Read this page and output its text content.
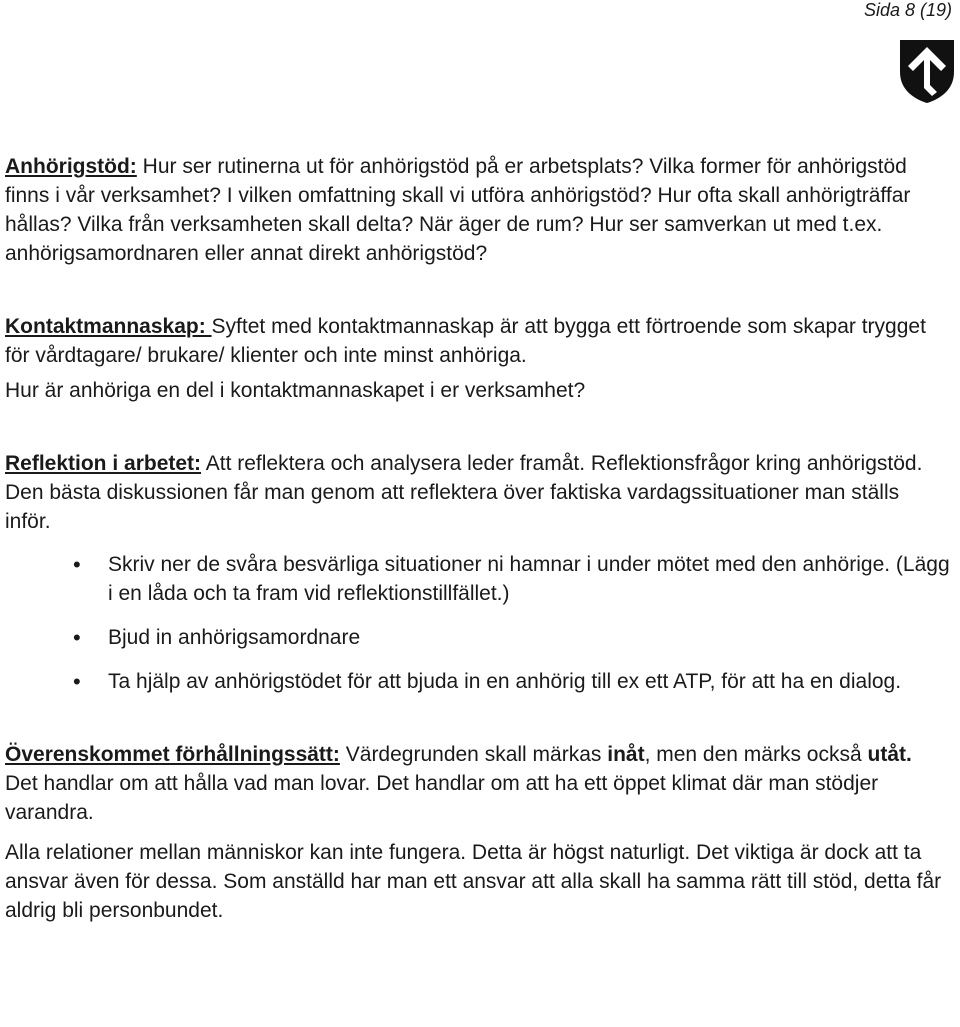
Sida 8 (19)

Anhörigstöd: Hur ser rutinerna ut för anhörigstöd på er arbetsplats? Vilka former för anhörigstöd finns i vår verksamhet? I vilken omfattning skall vi utföra anhörigstöd? Hur ofta skall anhörigträffar hållas? Vilka från verksamheten skall delta? När äger de rum? Hur ser samverkan ut med t.ex. anhörigsamordnaren eller annat direkt anhörigstöd?

Kontaktmannaskap: Syftet med kontaktmannaskap är att bygga ett förtroende som skapar trygget för vårdtagare/ brukare/ klienter och inte minst anhöriga.

Hur är anhöriga en del i kontaktmannaskapet i er verksamhet?

Reflektion i arbetet: Att reflektera och analysera leder framåt. Reflektionsfrågor kring anhörigstöd. Den bästa diskussionen får man genom att reflektera över faktiska vardagssituationer man ställs inför.

• Skriv ner de svåra besvärliga situationer ni hamnar i under mötet med den anhörige. (Lägg i en låda och ta fram vid reflektionstillfället.)
• Bjud in anhörigsamordnare
• Ta hjälp av anhörigstödet för att bjuda in en anhörig till ex ett ATP, för att ha en dialog.

Överenskommet förhållningssätt: Värdegrunden skall märkas inåt, men den märks också utåt. Det handlar om att hålla vad man lovar. Det handlar om att ha ett öppet klimat där man stödjer varandra.

Alla relationer mellan människor kan inte fungera. Detta är högst naturligt. Det viktiga är dock att ta ansvar även för dessa. Som anställd har man ett ansvar att alla skall ha samma rätt till stöd, detta får aldrig bli personbundet.
